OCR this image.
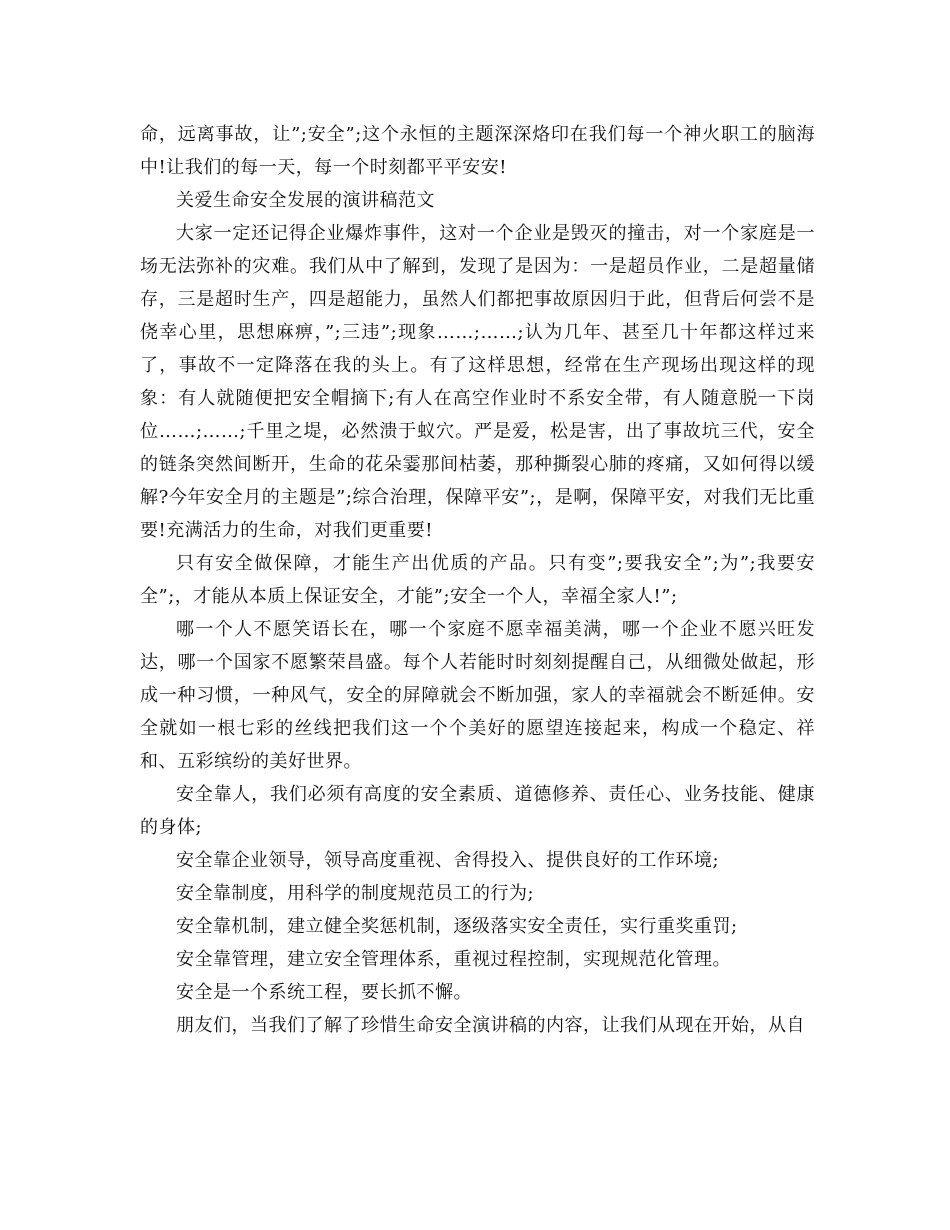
命，远离事故，让”;安全”;这个永恒的主题深深烙印在我们每一个神火职工的脑海中!让我们的每一天，每一个时刻都平平安安!

关爱生命安全发展的演讲稿范文

大家一定还记得企业爆炸事件，这对一个企业是毁灭的撞击，对一个家庭是一场无法弥补的灾难。我们从中了解到，发现了是因为：一是超员作业，二是超量储存，三是超时生产，四是超能力，虽然人们都把事故原因归于此，但背后何尝不是侥幸心里，思想麻痹，”;三违”;现象……;……;认为几年、甚至几十年都这样过来了，事故不一定降落在我的头上。有了这样思想，经常在生产现场出现这样的现象：有人就随便把安全帽摘下;有人在高空作业时不系安全带，有人随意脱一下岗位……;……;千里之堤，必然溃于蚁穴。严是爱，松是害，出了事故坑三代，安全的链条突然间断开，生命的花朵霎那间枯萎，那种撕裂心肺的疼痛，又如何得以缓解?今年安全月的主题是”;综合治理，保障平安”;，是啊，保障平安，对我们无比重要!充满活力的生命，对我们更重要!

只有安全做保障，才能生产出优质的产品。只有变”;要我安全”;为”;我要安全”;，才能从本质上保证安全，才能”;安全一个人，幸福全家人!”;

哪一个人不愿笑语长在，哪一个家庭不愿幸福美满，哪一个企业不愿兴旺发达，哪一个国家不愿繁荣昌盛。每个人若能时时刻刻提醒自己，从细微处做起，形成一种习惯，一种风气，安全的屏障就会不断加强，家人的幸福就会不断延伸。安全就如一根七彩的丝线把我们这一个个美好的愿望连接起来，构成一个稳定、祥和、五彩缤纷的美好世界。

安全靠人，我们必须有高度的安全素质、道德修养、责任心、业务技能、健康的身体;

安全靠企业领导，领导高度重视、舍得投入、提供良好的工作环境;

安全靠制度，用科学的制度规范员工的行为;

安全靠机制，建立健全奖惩机制，逐级落实安全责任，实行重奖重罚;

安全靠管理，建立安全管理体系，重视过程控制，实现规范化管理。

安全是一个系统工程，要长抓不懈。

朋友们，当我们了解了珍惜生命安全演讲稿的内容，让我们从现在开始，从自
